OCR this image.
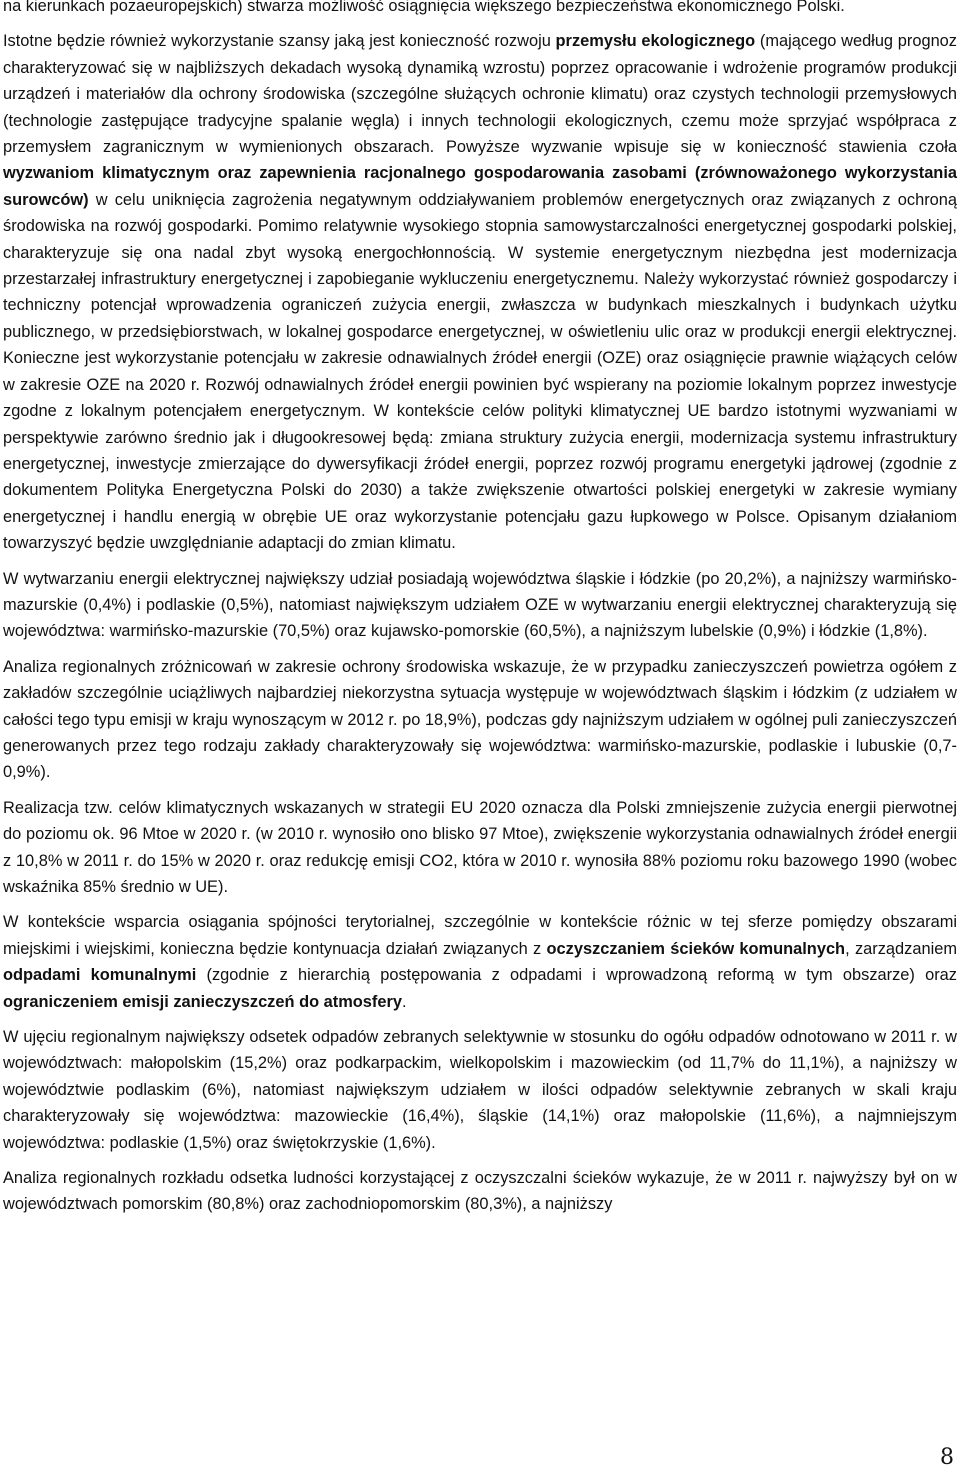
na kierunkach pozaeuropejskich) stwarza możliwość osiągnięcia większego bezpieczeństwa ekonomicznego Polski.

Istotne będzie również wykorzystanie szansy jaką jest konieczność rozwoju przemysłu ekologicznego (mającego według prognoz charakteryzować się w najbliższych dekadach wysoką dynamiką wzrostu) poprzez opracowanie i wdrożenie programów produkcji urządzeń i materiałów dla ochrony środowiska (szczególne służących ochronie klimatu) oraz czystych technologii przemysłowych (technologie zastępujące tradycyjne spalanie węgla) i innych technologii ekologicznych, czemu może sprzyjać współpraca z przemysłem zagranicznym w wymienionych obszarach. Powyższe wyzwanie wpisuje się w konieczność stawienia czoła wyzwaniom klimatycznym oraz zapewnienia racjonalnego gospodarowania zasobami (zrównoważonego wykorzystania surowców) w celu uniknięcia zagrożenia negatywnym oddziaływaniem problemów energetycznych oraz związanych z ochroną środowiska na rozwój gospodarki. Pomimo relatywnie wysokiego stopnia samowystarczalności energetycznej gospodarki polskiej, charakteryzuje się ona nadal zbyt wysoką energochłonnością. W systemie energetycznym niezbędna jest modernizacja przestarzałej infrastruktury energetycznej i zapobieganie wykluczeniu energetycznemu. Należy wykorzystać również gospodarczy i techniczny potencjał wprowadzenia ograniczeń zużycia energii, zwłaszcza w budynkach mieszkalnych i budynkach użytku publicznego, w przedsiębiorstwach, w lokalnej gospodarce energetycznej, w oświetleniu ulic oraz w produkcji energii elektrycznej. Konieczne jest wykorzystanie potencjału w zakresie odnawialnych źródeł energii (OZE) oraz osiągnięcie prawnie wiążących celów w zakresie OZE na 2020 r. Rozwój odnawialnych źródeł energii powinien być wspierany na poziomie lokalnym poprzez inwestycje zgodne z lokalnym potencjałem energetycznym. W kontekście celów polityki klimatycznej UE bardzo istotnymi wyzwaniami w perspektywie zarówno średnio jak i długookresowej będą: zmiana struktury zużycia energii, modernizacja systemu infrastruktury energetycznej, inwestycje zmierzające do dywersyfikacji źródeł energii, poprzez rozwój programu energetyki jądrowej (zgodnie z dokumentem Polityka Energetyczna Polski do 2030) a także zwiększenie otwartości polskiej energetyki w zakresie wymiany energetycznej i handlu energią w obrębie UE oraz wykorzystanie potencjału gazu łupkowego w Polsce. Opisanym działaniom towarzyszyć będzie uwzględnianie adaptacji do zmian klimatu.

W wytwarzaniu energii elektrycznej największy udział posiadają województwa śląskie i łódzkie (po 20,2%), a najniższy warmińsko-mazurskie (0,4%) i podlaskie (0,5%), natomiast największym udziałem OZE w wytwarzaniu energii elektrycznej charakteryzują się województwa: warmińsko-mazurskie (70,5%) oraz kujawsko-pomorskie (60,5%), a najniższym lubelskie (0,9%) i łódzkie (1,8%).

Analiza regionalnych zróżnicowań w zakresie ochrony środowiska wskazuje, że w przypadku zanieczyszczeń powietrza ogółem z zakładów szczególnie uciążliwych najbardziej niekorzystna sytuacja występuje w województwach śląskim i łódzkim (z udziałem w całości tego typu emisji w kraju wynoszącym w 2012 r. po 18,9%), podczas gdy najniższym udziałem w ogólnej puli zanieczyszczeń generowanych przez tego rodzaju zakłady charakteryzowały się województwa: warmińsko-mazurskie, podlaskie i lubuskie (0,7-0,9%).

Realizacja tzw. celów klimatycznych wskazanych w strategii EU 2020 oznacza dla Polski zmniejszenie zużycia energii pierwotnej do poziomu ok. 96 Mtoe w 2020 r. (w 2010 r. wynosiło ono blisko 97 Mtoe), zwiększenie wykorzystania odnawialnych źródeł energii z 10,8% w 2011 r. do 15% w 2020 r. oraz redukcję emisji CO2, która w 2010 r. wynosiła 88% poziomu roku bazowego 1990 (wobec wskaźnika 85% średnio w UE).

W kontekście wsparcia osiągania spójności terytorialnej, szczególnie w kontekście różnic w tej sferze pomiędzy obszarami miejskimi i wiejskimi, konieczna będzie kontynuacja działań związanych z oczyszczaniem ścieków komunalnych, zarządzaniem odpadami komunalnymi (zgodnie z hierarchią postępowania z odpadami i wprowadzoną reformą w tym obszarze) oraz ograniczeniem emisji zanieczyszczeń do atmosfery.

W ujęciu regionalnym największy odsetek odpadów zebranych selektywnie w stosunku do ogółu odpadów odnotowano w 2011 r. w województwach: małopolskim (15,2%) oraz podkarpackim, wielkopolskim i mazowieckim (od 11,7% do 11,1%), a najniższy w województwie podlaskim (6%), natomiast największym udziałem w ilości odpadów selektywnie zebranych w skali kraju charakteryzowały się województwa: mazowieckie (16,4%), śląskie (14,1%) oraz małopolskie (11,6%), a najmniejszym województwa: podlaskie (1,5%) oraz świętokrzyskie (1,6%).

Analiza regionalnych rozkładu odsetka ludności korzystającej z oczyszczalni ścieków wykazuje, że w 2011 r. najwyższy był on w województwach pomorskim (80,8%) oraz zachodniopomorskim (80,3%), a najniższy

8
